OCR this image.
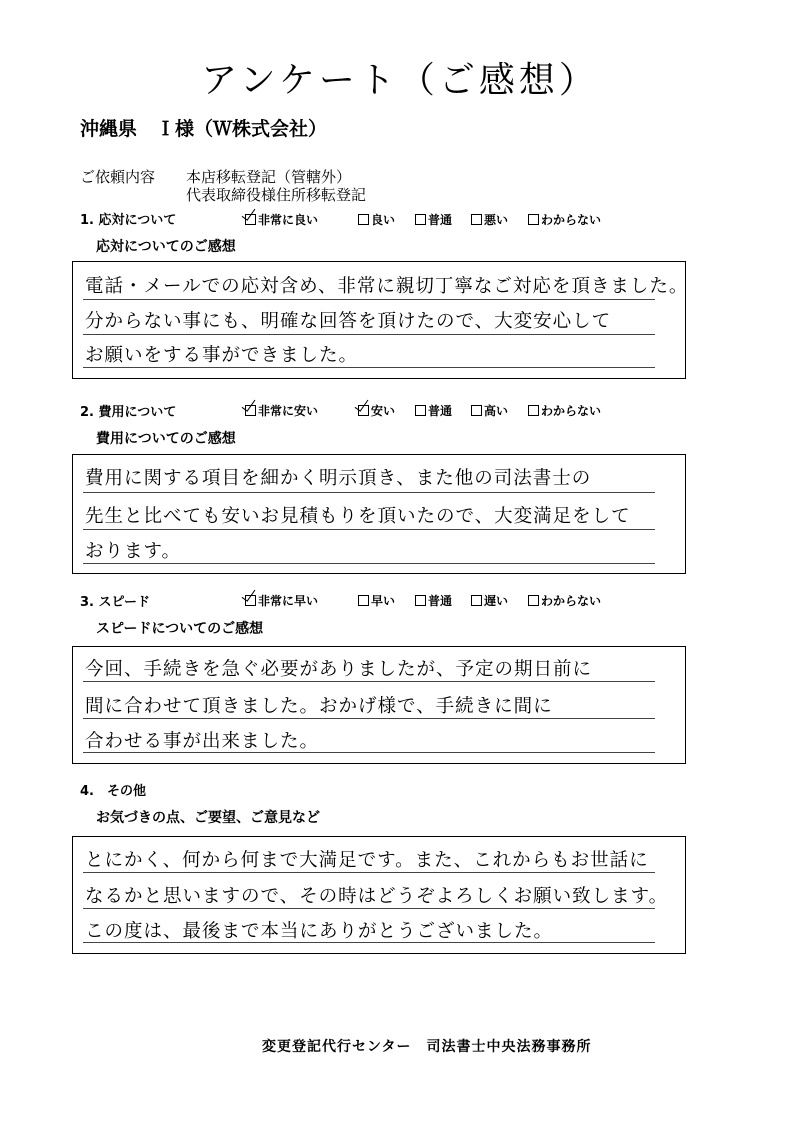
アンケート（ご感想）
沖縄県　Ｉ様（Ｗ株式会社）
ご依頼内容 本店移転登記（管轄外）
代表取締役様住所移転登記
1. 応対について	非常に良い	良い	普通	悪い	わからない
応対についてのご感想
電話・メールでの応対含め、非常に親切丁寧なご対応を頂きました。
分からない事にも、明確な回答を頂けたので、大変安心して
お願いをする事ができました。
2. 費用について	非常に安い	安い	普通	高い	わからない
費用についてのご感想
費用に関する項目を細かく明示頂き、また他の司法書士の
先生と比べても安いお見積もりを頂いたので、大変満足をして
おります。
3. スピード	非常に早い	早い	普通	遅い	わからない
スピードについてのご感想
今回、手続きを急ぐ必要がありましたが、予定の期日前に
間に合わせて頂きました。おかげ様で、手続きに間に
合わせる事が出来ました。
4.　その他
お気づきの点、ご要望、ご意見など
とにかく、何から何まで大満足です。また、これからもお世話に
なるかと思いますので、その時はどうぞよろしくお願い致します。
この度は、最後まで本当にありがとうございました。
変更登記代行センター　司法書士中央法務事務所
